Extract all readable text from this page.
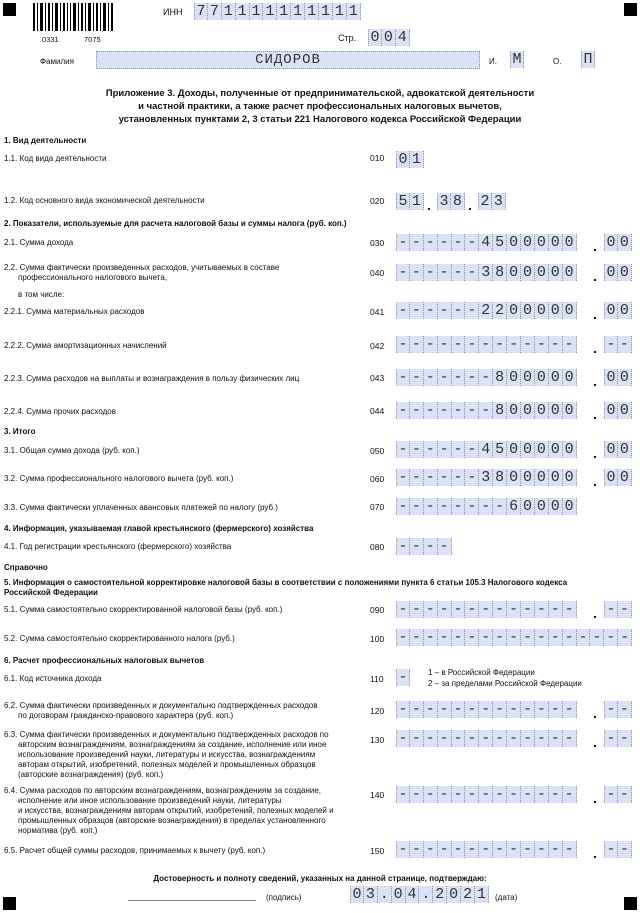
0331	7075
ИНН 7 7 1 1 1 1 1 1 1 1 1 1
Стр. 0 0 4
Фамилия	СИДОРОВ	И. М	О. П
Приложение 3. Доходы, полученные от предпринимательской, адвокатской деятельности
и частной практики, а также расчет профессиональных налоговых вычетов,
установленных пунктами 2, 3 статьи 221 Налогового кодекса Российской Федерации
1. Вид деятельности
1.1. Код вида деятельности	010 0 1
1.2. Код основного вида экономической деятельности	020 5 1 . 3 8 . 2 3
2. Показатели, используемые для расчета налоговой базы и суммы налога (руб. коп.)
2.1. Сумма дохода	030 - - - - - - 4 5 0 0 0 0 0 . 0 0
2.2. Сумма фактически произведенных расходов, учитываемых в составе
профессионального налогового вычета,
в том числе:
040 - - - - - - 3 8 0 0 0 0 0 . 0 0
2.2.1. Сумма материальных расходов	041 - - - - - - 2 2 0 0 0 0 0 . 0 0
2.2.2. Сумма амортизационных начислений	042 - - - - - - - - - - - - - . - -
2.2.3. Сумма расходов на выплаты и вознаграждения в пользу физических лиц	043 - - - - - - - 8 0 0 0 0 0 . 0 0
2.2.4. Сумма прочих расходов	044 - - - - - - - 8 0 0 0 0 0 . 0 0
3. Итого
3.1. Общая сумма дохода (руб. коп.)	050 - - - - - - 4 5 0 0 0 0 0 . 0 0
3.2. Сумма профессионального налогового вычета (руб. коп.)	060 - - - - - - 3 8 0 0 0 0 0 . 0 0
3.3. Сумма фактически уплаченных авансовых платежей по налогу (руб.)	070 - - - - - - - - 6 0 0 0 0
4. Информация, указываемая главой крестьянского (фермерского) хозяйства
4.1. Год регистрации крестьянского (фермерского) хозяйства	080 - - - -
Справочно
5. Информация о самостоятельной корректировке налоговой базы в соответствии с положениями пункта 6 статьи 105.3 Налогового кодекса
Российской Федерации
5.1. Сумма самостоятельно скорректированной налоговой базы (руб. коп.)	090 - - - - - - - - - - - - - . - -
5.2. Сумма самостоятельно скорректированного налога (руб.)	100 - - - - - - - - - - - - - - - - -
6. Расчет профессиональных налоговых вычетов
6.1. Код источника дохода	110 -	1 – в Российской Федерации
2 – за пределами Российской Федерации
6.2. Сумма фактически произведенных и документально подтвержденных расходов
по договорам гражданско-правового характера (руб. коп.)	120 - - - - - - - - - - - - - . - -
6.3. Сумма фактически произведенных и документально подтвержденных расходов по
авторским вознаграждениям, вознаграждениям за создание, исполнение или иное
использование произведений науки, литературы и искусства, вознаграждениям
авторам открытий, изобретений, полезных моделей и промышленных образцов
(авторские вознаграждения) (руб. коп.)
130 - - - - - - - - - - - - - . - -
6.4. Сумма расходов по авторским вознаграждениям, вознаграждениям за создание,
исполнение или иное использование произведений науки, литературы
и искусства, вознаграждениям авторам открытий, изобретений, полезных моделей и
промышленных образцов (авторские вознаграждения) в пределах установленного
норматива (руб. коп.)
140 - - - - - - - - - - - - - . - -
6.5. Расчет общей суммы расходов, принимаемых к вычету (руб. коп.)	150 - - - - - - - - - - - - - . - -
Достоверность и полноту сведений, указанных на данной странице, подтверждаю:
(подпись)	0 3 . 0 4 . 2 0 2 1	(дата)
